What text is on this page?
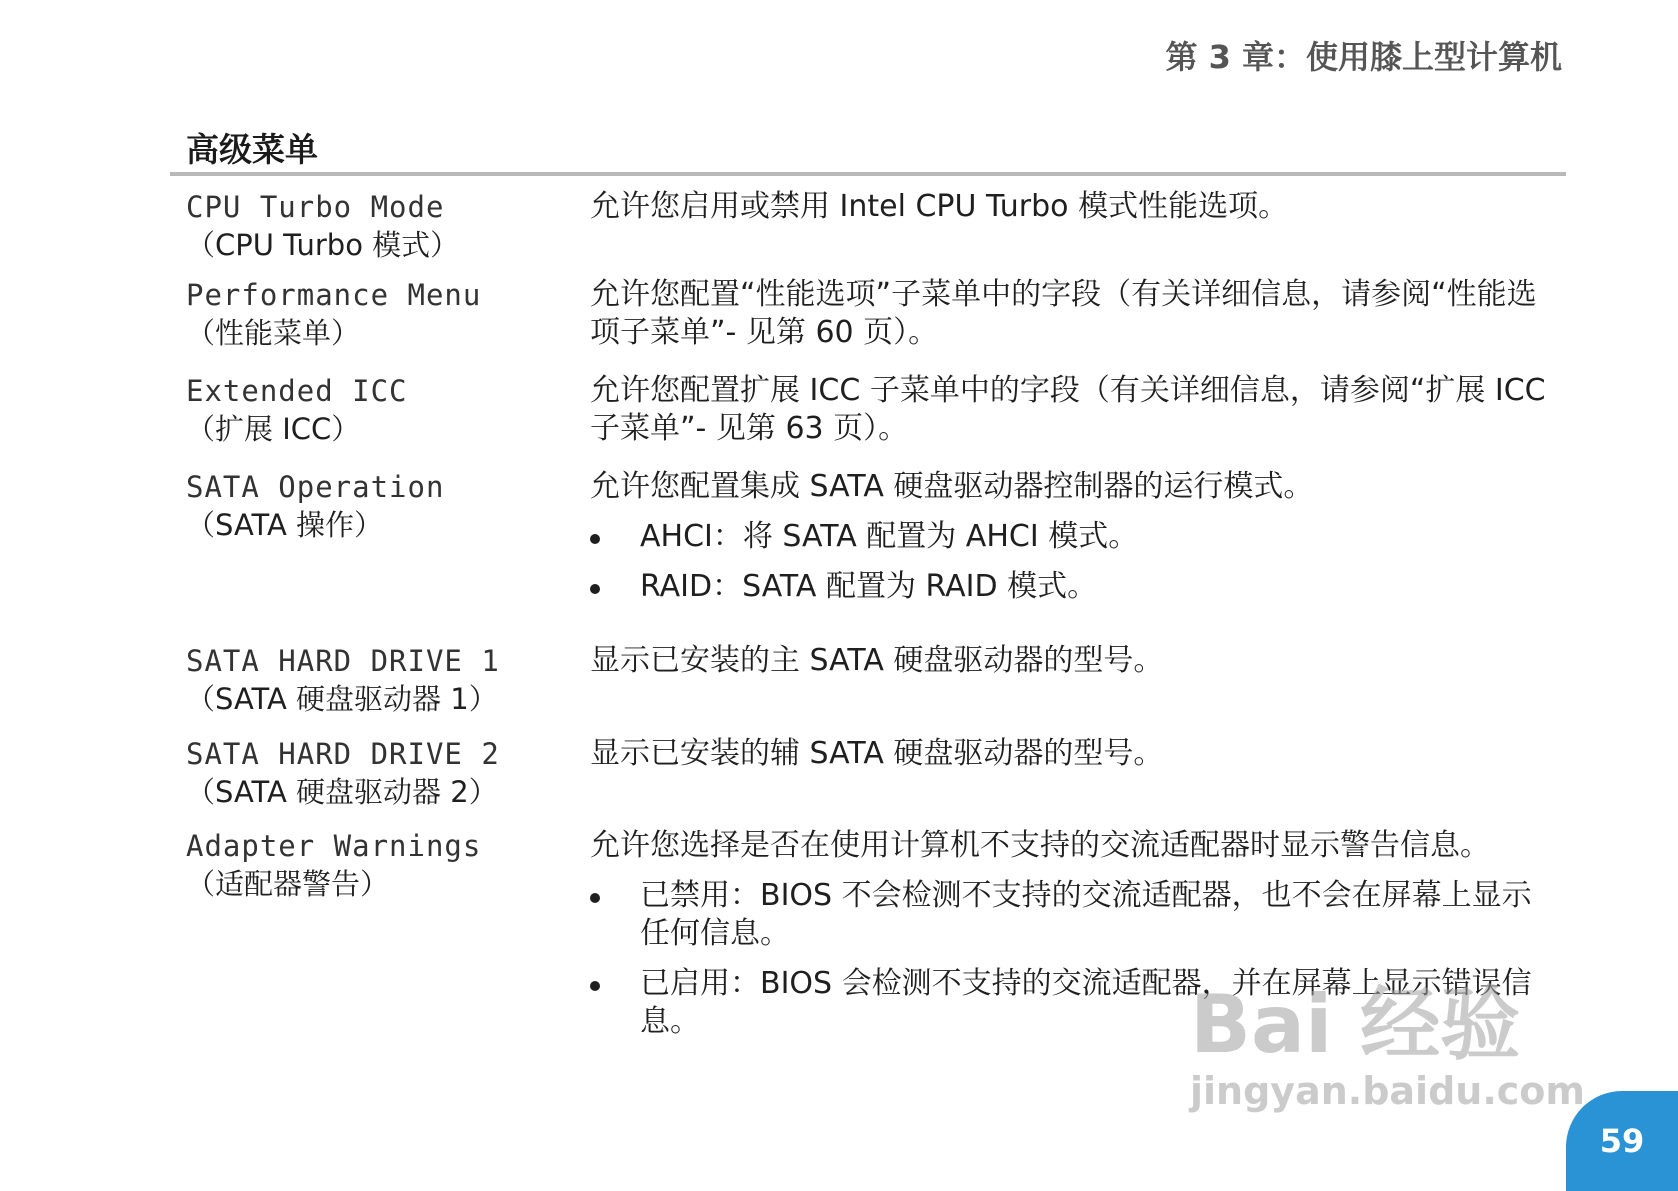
第 3 章：使用膝上型计算机
高级菜单
CPU Turbo Mode
（CPU Turbo 模式）

允许您启用或禁用 Intel CPU Turbo 模式性能选项。

Performance Menu
（性能菜单）

允许您配置“性能选项”子菜单中的字段（有关详细信息，请参阅“性能选项子菜单”- 见第 60 页）。

Extended ICC
（扩展 ICC）

允许您配置扩展 ICC 子菜单中的字段（有关详细信息，请参阅“扩展 ICC 子菜单”- 见第 63 页）。

SATA Operation
（SATA 操作）

允许您配置集成 SATA 硬盘驱动器控制器的运行模式。

AHCI：将 SATA 配置为 AHCI 模式。
RAID：SATA 配置为 RAID 模式。
SATA HARD DRIVE 1
（SATA 硬盘驱动器 1）

显示已安装的主 SATA 硬盘驱动器的型号。

SATA HARD DRIVE 2
（SATA 硬盘驱动器 2）

显示已安装的辅 SATA 硬盘驱动器的型号。

Adapter Warnings
（适配器警告）

允许您选择是否在使用计算机不支持的交流适配器时显示警告信息。

已禁用：BIOS 不会检测不支持的交流适配器，也不会在屏幕上显示任何信息。
已启用：BIOS 会检测不支持的交流适配器，并在屏幕上显示错误信息。	Bai 经验
jingyan.baidu.com
59
